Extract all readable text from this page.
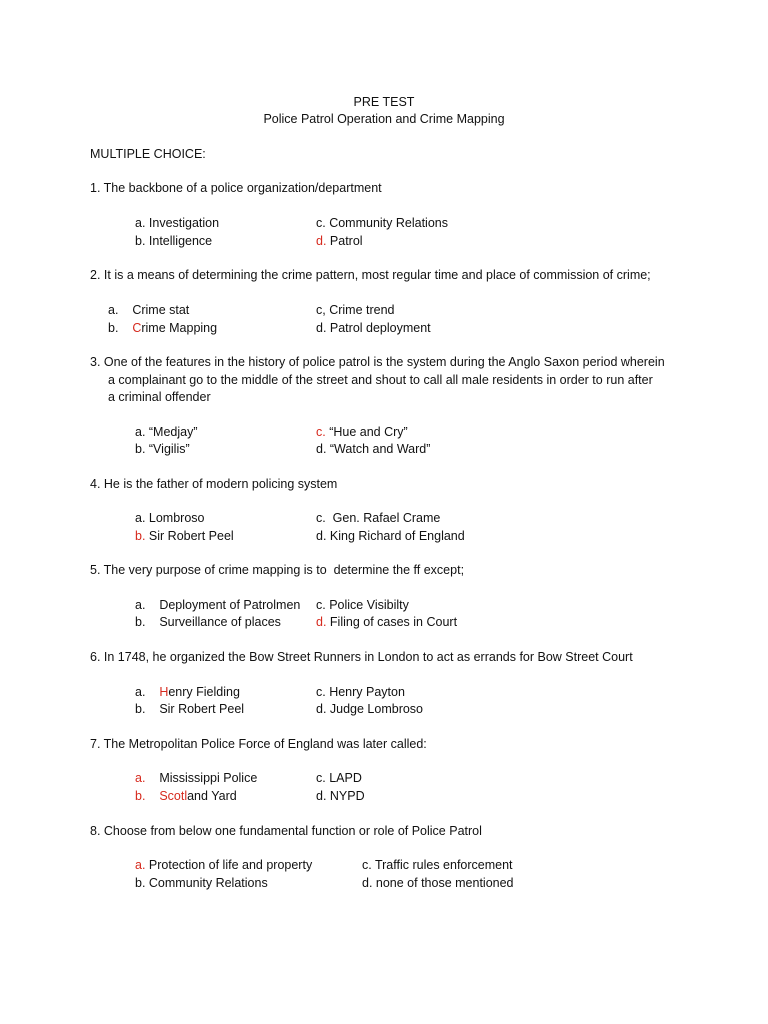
PRE TEST
Police Patrol Operation and Crime Mapping
MULTIPLE CHOICE:
1. The backbone of a police organization/department
a. Investigation
b. Intelligence
c. Community Relations
d. Patrol
2. It is a means of determining the crime pattern, most regular time and place of commission of crime;
a.    Crime stat
b.    Crime Mapping
c, Crime trend
d. Patrol deployment
3. One of the features in the history of police patrol is the system during the Anglo Saxon period wherein
a complainant go to the middle of the street and shout to call all male residents in order to run after
a criminal offender
a. “Medjay”
b. “Vigilis”
c. “Hue and Cry”
d. “Watch and Ward”
4. He is the father of modern policing system
a. Lombroso
b. Sir Robert Peel
c.  Gen. Rafael Crame
d. King Richard of England
5. The very purpose of crime mapping is to  determine the ff except;
a.    Deployment of Patrolmen
b.    Surveillance of places
c. Police Visibilty
d. Filing of cases in Court
6. In 1748, he organized the Bow Street Runners in London to act as errands for Bow Street Court
a.    Henry Fielding
b.    Sir Robert Peel
c. Henry Payton
d. Judge Lombroso
7. The Metropolitan Police Force of England was later called:
a.    Mississippi Police
b.    Scotland Yard
c. LAPD
d. NYPD
8. Choose from below one fundamental function or role of Police Patrol
a. Protection of life and property
b. Community Relations
c. Traffic rules enforcement
d. none of those mentioned
